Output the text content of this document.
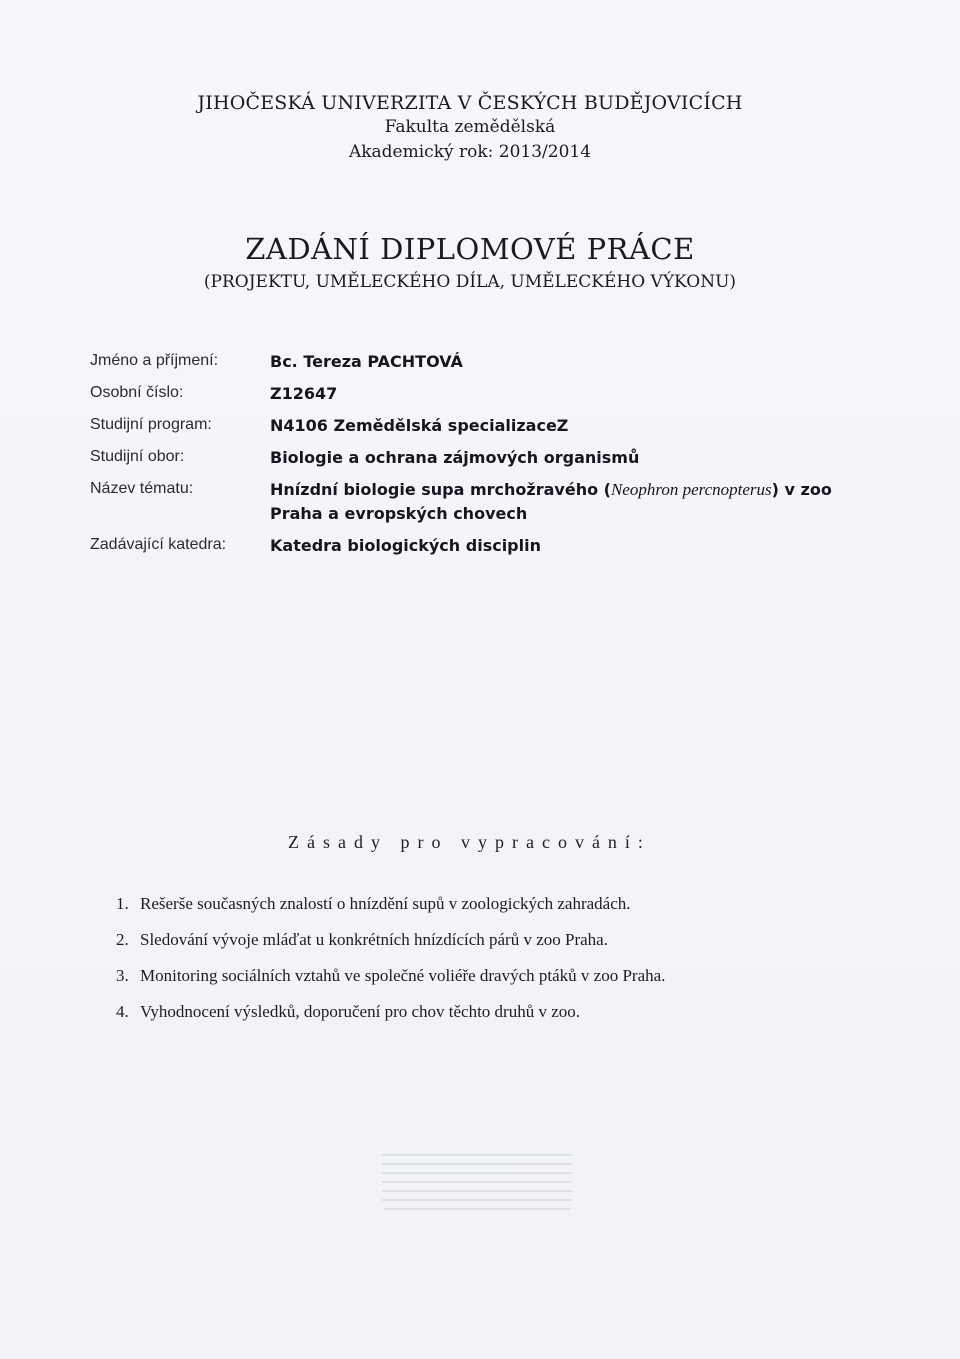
JIHOČESKÁ UNIVERZITA V ČESKÝCH BUDĚJOVICÍCH
Fakulta zemědělská
Akademický rok: 2013/2014
ZADÁNÍ DIPLOMOVÉ PRÁCE
(PROJEKTU, UMĚLECKÉHO DÍLA, UMĚLECKÉHO VÝKONU)
Jméno a příjmení:	Bc. Tereza PACHTOVÁ
Osobní číslo:	Z12647
Studijní program:	N4106 Zemědělská specializaceZ
Studijní obor:	Biologie a ochrana zájmových organismů
Název tématu:	Hnízdní biologie supa mrchožravého (Neophron percnopterus) v zoo Praha a evropských chovech
Zadávající katedra:	Katedra biologických disciplin
Zásady pro vypracování:
1. Rešerše současných znalostí o hnízdění supů v zoologických zahradách.
2. Sledování vývoje mláďat u konkrétních hnízdících párů v zoo Praha.
3. Monitoring sociálních vztahů ve společné voliéře dravých ptáků v zoo Praha.
4. Vyhodnocení výsledků, doporučení pro chov těchto druhů v zoo.
